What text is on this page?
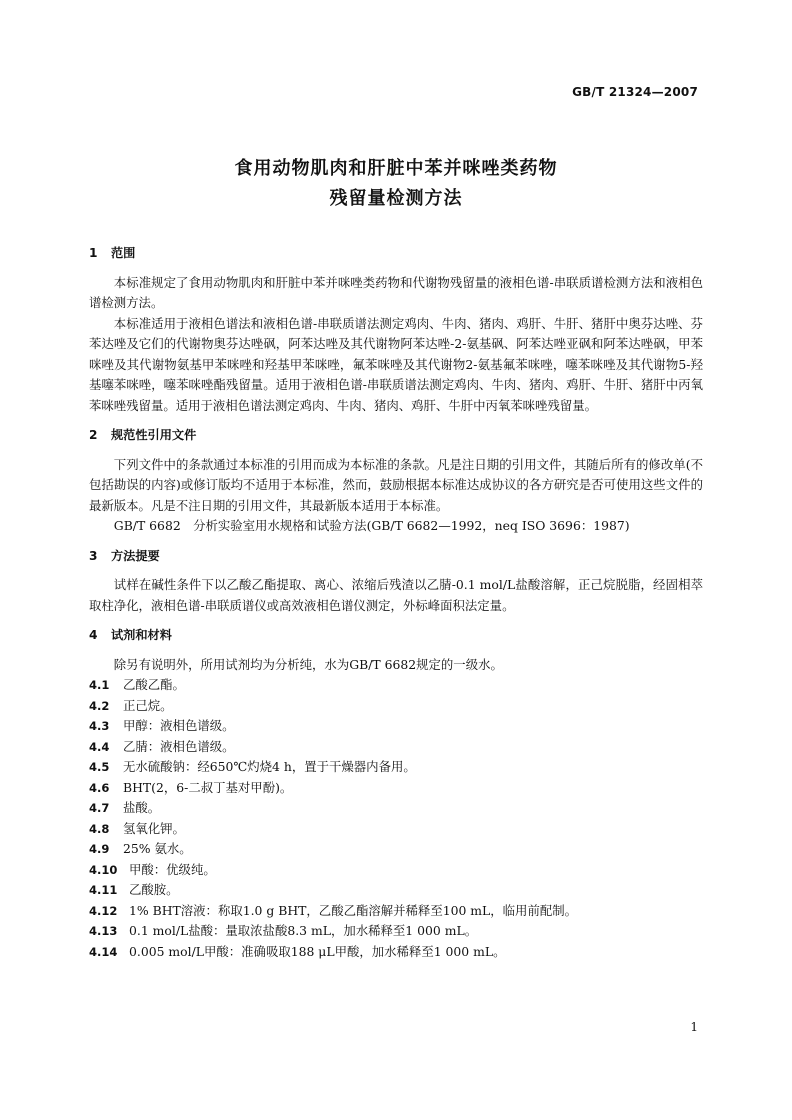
GB/T 21324—2007
食用动物肌肉和肝脏中苯并咪唑类药物
残留量检测方法
1 范围

本标准规定了食用动物肌肉和肝脏中苯并咪唑类药物和代谢物残留量的液相色谱-串联质谱检测方法和液相色谱检测方法。

本标准适用于液相色谱法和液相色谱-串联质谱法测定鸡肉、牛肉、猪肉、鸡肝、牛肝、猪肝中奥芬达唑、芬苯达唑及它们的代谢物奥芬达唑砜，阿苯达唑及其代谢物阿苯达唑-2-氨基砜、阿苯达唑亚砜和阿苯达唑砜，甲苯咪唑及其代谢物氨基甲苯咪唑和羟基甲苯咪唑，氟苯咪唑及其代谢物2-氨基氟苯咪唑，噻苯咪唑及其代谢物5-羟基噻苯咪唑，噻苯咪唑酯残留量。适用于液相色谱-串联质谱法测定鸡肉、牛肉、猪肉、鸡肝、牛肝、猪肝中丙氧苯咪唑残留量。适用于液相色谱法测定鸡肉、牛肉、猪肉、鸡肝、牛肝中丙氧苯咪唑残留量。

2 规范性引用文件

下列文件中的条款通过本标准的引用而成为本标准的条款。凡是注日期的引用文件，其随后所有的修改单(不包括勘误的内容)或修订版均不适用于本标准，然而，鼓励根据本标准达成协议的各方研究是否可使用这些文件的最新版本。凡是不注日期的引用文件，其最新版本适用于本标准。

GB/T 6682　分析实验室用水规格和试验方法(GB/T 6682—1992，neq ISO 3696：1987)

3 方法提要

试样在碱性条件下以乙酸乙酯提取、离心、浓缩后残渣以乙腈-0.1 mol/L盐酸溶解，正己烷脱脂，经固相萃取柱净化，液相色谱-串联质谱仪或高效液相色谱仪测定，外标峰面积法定量。

4 试剂和材料

除另有说明外，所用试剂均为分析纯，水为GB/T 6682规定的一级水。

4.1 乙酸乙酯。

4.2 正己烷。

4.3 甲醇：液相色谱级。

4.4 乙腈：液相色谱级。

4.5 无水硫酸钠：经650℃灼烧4 h，置于干燥器内备用。

4.6 BHT(2，6-二叔丁基对甲酚)。

4.7 盐酸。

4.8 氢氧化钾。

4.9 25% 氨水。

4.10 甲酸：优级纯。

4.11 乙酸胺。

4.12 1% BHT溶液：称取1.0 g BHT，乙酸乙酯溶解并稀释至100 mL，临用前配制。

4.13 0.1 mol/L盐酸：量取浓盐酸8.3 mL，加水稀释至1 000 mL。

4.14 0.005 mol/L甲酸：准确吸取188 μL甲酸，加水稀释至1 000 mL。

1
